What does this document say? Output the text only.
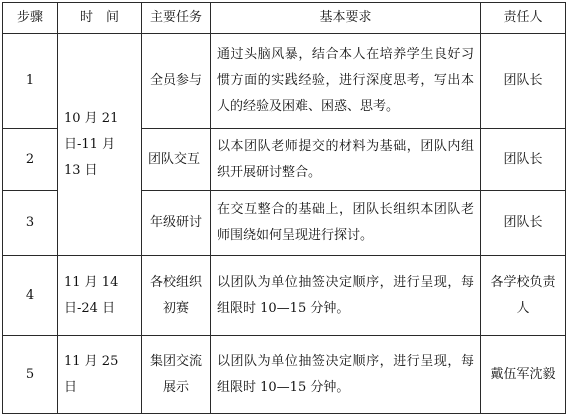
步骤	时　间	主要任务	基本要求	责任人
1	10 月 21 日-11 月 13 日	全员参与	通过头脑风暴，结合本人在培养学生良好习惯方面的实践经验，进行深度思考，写出本人的经验及困难、困惑、思考。	团队长
2		团队交互	以本团队老师提交的材料为基础，团队内组织开展研讨整合。	团队长
3		年级研讨	在交互整合的基础上，团队长组织本团队老师围绕如何呈现进行探讨。	团队长
4	11 月 14 日-24 日	各校组织初赛	以团队为单位抽签决定顺序，进行呈现，每组限时 10—15 分钟。	各学校负责人
5	11 月 25 日	集团交流展示	以团队为单位抽签决定顺序，进行呈现，每组限时 10—15 分钟。	戴伍军沈毅
